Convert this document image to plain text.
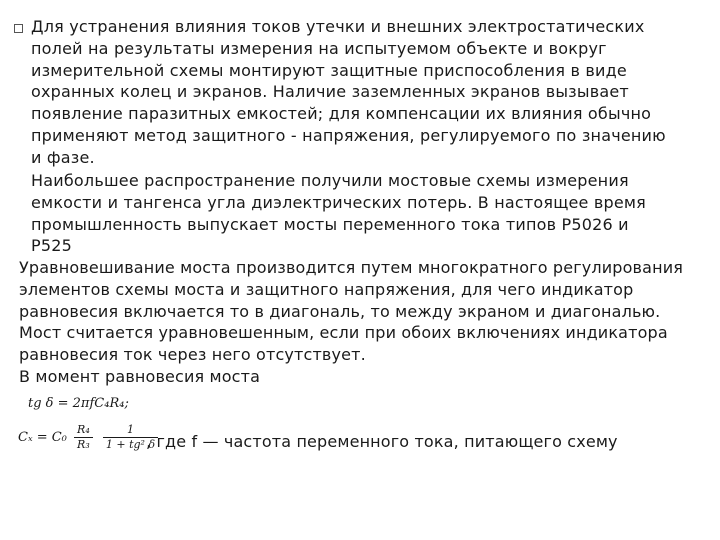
Для устранения влияния токов утечки и внешних электростатических
полей на результаты измерения на испытуемом объекте и вокруг
измерительной схемы монтируют защитные приспособления в виде
охранных колец и экранов. Наличие заземленных экранов вызывает
появление паразитных емкостей; для компенсации их влияния обычно
применяют метод защитного - напряжения, регулируемого по значению
и фазе.
Наибольшее распространение получили мостовые схемы измерения
емкости и тангенса угла диэлектрических потерь. В настоящее время
промышленность выпускает мосты переменного тока типов Р5026 и
Р525
Уравновешивание моста производится путем многократного регулирования
элементов схемы моста и защитного напряжения, для чего индикатор
равновесия включается то в диагональ, то между экраном и диагональю.
Мост считается уравновешенным, если при обоих включениях индикатора
равновесия ток через него отсутствует.
В момент равновесия моста
tg δ = 2πfC₄R₄;
$C_x = C_0 \frac{\text{R₄}}{\text{R₃}}$
$\frac{1}{\text{1 + tg² δ}}$
, где f — частота переменного тока, питающего схему
